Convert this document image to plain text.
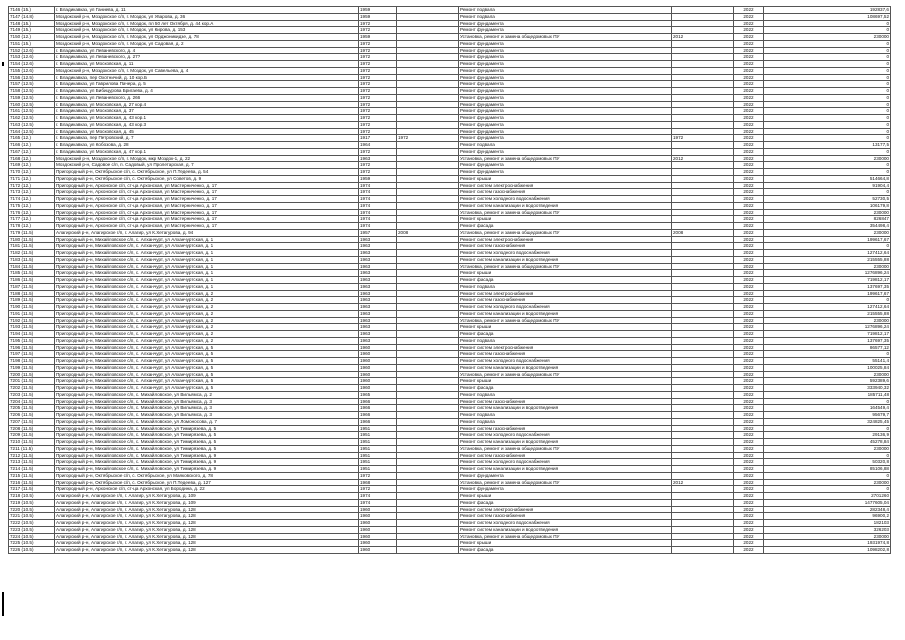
7146 (15.)	г. Владикавказ, ул Ганиева, д. 11	1959		Ремонт подвала		2022	192837,6
7147 (14.8)	Моздокский р-н, Моздокское с/п, г. Моздок, ул Уварова, д. 36	1959		Ремонт подвала		2022	108697,52
7148 (15.)	Моздокский р-н, Моздокское с/п, г. Моздок, пл 50 лет Октября, д. 44 кор.А	1972		Ремонт фундамента		2022	0
7149 (15.)	Моздокский р-н, Моздокское с/п, г. Моздок, ул Кирова, д. 153	1972		Ремонт фундамента		2022	0
7150 (12.)	Моздокский р-н, Моздокское с/п, г. Моздок, ул Орджоникидзе, д. 78	1959		Установка, ремонт и замена общедомовых ПУ	2012	2022	230000
7151 (15.)	Моздокский р-н, Моздокское с/п, г. Моздок, ул Садовая, д. 2	1972		Ремонт фундамента		2022	0
7152 (12.6)	г. Владикавказ, ул Леваневского, д. 4	1972		Ремонт фундамента		2022	0
7153 (12.6)	г. Владикавказ, ул Леваневского, д. 27?	1972		Ремонт фундамента		2022	0
7154 (12.6)	г. Владикавказ, ул Московская, д. 11	1972		Ремонт фундамента		2022	0
7155 (12.6)	Моздокский р-н, Моздокское с/п, г. Моздок, ул Савельева, д. 4	1972		Ремонт фундамента		2022	0
7156 (12.5)	г. Владикавказ, пер Охотничий, д. 10 кор.Б	1972		Ремонт фундамента		2022	0
7157 (12.5)	г. Владикавказ, ул Гаврилова Пачера, д. 5	1972		Ремонт фундамента		2022	0
7158 (12.5)	г. Владикавказ, ул Бибицурова Бригаева, д. 4	1972		Ремонт фундамента		2022	0
7159 (12.5)	г. Владикавказ, ул Леваневского, д. 266	1972		Ремонт фундамента		2022	0
7160 (12.5)	г. Владикавказ, ул Московская, д. 27 кор.4	1972		Ремонт фундамента		2022	0
7161 (12.5)	г. Владикавказ, ул Московская, д. 37	1972		Ремонт фундамента		2022	0
7162 (12.5)	г. Владикавказ, ул Московская, д. 43 кор.1	1972		Ремонт фундамента		2022	0
7163 (12.5)	г. Владикавказ, ул Московская, д. 43 кор.3	1972		Ремонт фундамента		2022	0
7164 (12.5)	г. Владикавказ, ул Московская, д. 45	1972		Ремонт фундамента		2022	0
7165 (12.)	г. Владикавказ, пер Петровский, д. 7	1917	1972	Ремонт фундамента	1972	2022	0
7166 (12.)	г. Владикавказ, ул Кобозова, д. 28	1964		Ремонт подвала		2022	13177,5
7167 (12.)	г. Владикавказ, ул Московская, д. 47 кор.1	1972		Ремонт фундамента		2022	0
7168 (12.)	Моздокский р-н, Моздокское с/п, г. Моздок, мкр Моздок-1, д. 22	1963		Установка, ремонт и замена общедомовых ПУ	2012	2022	230000
7169 (12.)	Моздокский р-н, Садовое с/п, п. Садовый, ул Пролетарская, д. 7	1972		Ремонт фундамента		2022	0
7170 (12.)	Пригородный р-н, Октябрьское с/п, с. Октябрьское, ул П.Тедеева, д. 54	1972		Ремонт фундамента		2022	0
7171 (12.)	Пригородный р-н, Октябрьское с/п, с. Октябрьское, ул Советов, д. 9	1959		Ремонт крыши		2022	514664,8
7172 (12.)	Пригородный р-н, Архонское с/п, ст-ца Архонская, ул Мастерниченко, д. 17	1974		Ремонт систем электроснабжения		2022	91904,4
7173 (12.)	Пригородный р-н, Архонское с/п, ст-ца Архонская, ул Мастерниченко, д. 17	1974		Ремонт систем газоснабжения		2022	0
7174 (12.)	Пригородный р-н, Архонское с/п, ст-ца Архонская, ул Мастерниченко, д. 17	1974		Ремонт систем холодного водоснабжения		2022	52730,5
7175 (12.)	Пригородный р-н, Архонское с/п, ст-ца Архонская, ул Мастерниченко, д. 17	1974		Ремонт систем канализации и водоотведения		2022	106179,8
7176 (12.)	Пригородный р-н, Архонское с/п, ст-ца Архонская, ул Мастерниченко, д. 17	1974		Установка, ремонт и замена общедомовых ПУ		2022	230000
7177 (12.)	Пригородный р-н, Архонское с/п, ст-ца Архонская, ул Мастерниченко, д. 17	1974		Ремонт крыши		2022	826847
7178 (12.)	Пригородный р-н, Архонское с/п, ст-ца Архонская, ул Мастерниченко, д. 17	1974		Ремонт фасада		2022	354498,4
7179 (11.5)	Алагирский р-н, Алагирское г/п, г. Алагир, ул К.Хетагурова, д. 94	1957	2008	Установка, ремонт и замена общедомовых ПУ	2008	2022	230000
7180 (11.5)	Пригородный р-н, Михайловское с/п, с. Алханчурт, ул Алханчуртская, д. 1	1963		Ремонт систем электроснабжения		2022	199617,67
7181 (11.5)	Пригородный р-н, Михайловское с/п, с. Алханчурт, ул Алханчуртская, д. 1	1963		Ремонт систем газоснабжения		2022	0
7182 (11.5)	Пригородный р-н, Михайловское с/п, с. Алханчурт, ул Алханчуртская, д. 1	1963		Ремонт систем холодного водоснабжения		2022	127412,64
7183 (11.5)	Пригородный р-н, Михайловское с/п, с. Алханчурт, ул Алханчуртская, д. 1	1963		Ремонт систем канализации и водоотведения		2022	215555,88
7184 (11.5)	Пригородный р-н, Михайловское с/п, с. Алханчурт, ул Алханчуртская, д. 1	1963		Установка, ремонт и замена общедомовых ПУ		2022	230000
7185 (11.5)	Пригородный р-н, Михайловское с/п, с. Алханчурт, ул Алханчуртская, д. 1	1963		Ремонт крыши		2022	1276896,24
7186 (11.5)	Пригородный р-н, Михайловское с/п, с. Алханчурт, ул Алханчуртская, д. 1	1963		Ремонт фасада		2022	719812,17
7187 (11.5)	Пригородный р-н, Михайловское с/п, с. Алханчурт, ул Алханчуртская, д. 1	1963		Ремонт подвала		2022	137697,35
7188 (11.5)	Пригородный р-н, Михайловское с/п, с. Алханчурт, ул Алханчуртская, д. 2	1963		Ремонт систем электроснабжения		2022	199617,67
7189 (11.5)	Пригородный р-н, Михайловское с/п, с. Алханчурт, ул Алханчуртская, д. 2	1963		Ремонт систем газоснабжения		2022	0
7190 (11.5)	Пригородный р-н, Михайловское с/п, с. Алханчурт, ул Алханчуртская, д. 2	1963		Ремонт систем холодного водоснабжения		2022	127412,64
7191 (11.5)	Пригородный р-н, Михайловское с/п, с. Алханчурт, ул Алханчуртская, д. 2	1963		Ремонт систем канализации и водоотведения		2022	215555,88
7192 (11.5)	Пригородный р-н, Михайловское с/п, с. Алханчурт, ул Алханчуртская, д. 2	1963		Установка, ремонт и замена общедомовых ПУ		2022	230000
7193 (11.5)	Пригородный р-н, Михайловское с/п, с. Алханчурт, ул Алханчуртская, д. 2	1963		Ремонт крыши		2022	1276896,24
7194 (11.5)	Пригородный р-н, Михайловское с/п, с. Алханчурт, ул Алханчуртская, д. 2	1963		Ремонт фасада		2022	719812,17
7195 (11.5)	Пригородный р-н, Михайловское с/п, с. Алханчурт, ул Алханчуртская, д. 2	1963		Ремонт подвала		2022	137697,35
7196 (11.5)	Пригородный р-н, Михайловское с/п, с. Алханчурт, ул Алханчуртская, д. 5	1960		Ремонт систем электроснабжения		2022	86577,12
7197 (11.5)	Пригородный р-н, Михайловское с/п, с. Алханчурт, ул Алханчуртская, д. 5	1960		Ремонт систем газоснабжения		2022	0
7198 (11.5)	Пригородный р-н, Михайловское с/п, с. Алханчурт, ул Алханчуртская, д. 5	1960		Ремонт систем холодного водоснабжения		2022	55141,4
7199 (11.5)	Пригородный р-н, Михайловское с/п, с. Алханчурт, ул Алханчуртская, д. 5	1960		Ремонт систем канализации и водоотведения		2022	100025,84
7200 (11.5)	Пригородный р-н, Михайловское с/п, с. Алханчурт, ул Алханчуртская, д. 5	1960		Установка, ремонт и замена общедомовых ПУ		2022	230000
7201 (11.5)	Пригородный р-н, Михайловское с/п, с. Алханчурт, ул Алханчуртская, д. 5	1960		Ремонт крыши		2022	592389,6
7202 (11.5)	Пригородный р-н, Михайловское с/п, с. Алханчурт, ул Алханчуртская, д. 5	1960		Ремонт фасада		2022	333940,32
7203 (11.5)	Пригородный р-н, Михайловское с/п, с. Михайловское, ул Вильямса, д. 2	1965		Ремонт подвала		2022	185711,48
7204 (11.5)	Пригородный р-н, Михайловское с/п, с. Михайловское, ул Вильямса, д. 3	1966		Ремонт систем газоснабжения		2022	0
7205 (11.5)	Пригородный р-н, Михайловское с/п, с. Михайловское, ул Вильямса, д. 3	1966		Ремонт систем канализации и водоотведения		2022	164549,4
7206 (11.5)	Пригородный р-н, Михайловское с/п, с. Михайловское, ул Вильямса, д. 3	1966		Ремонт подвала		2022	95679,7
7207 (11.5)	Пригородный р-н, Михайловское с/п, с. Михайловское, ул Ломоносова, д. 7	1966		Ремонт подвала		2022	324825,45
7208 (11.5)	Пригородный р-н, Михайловское с/п, с. Михайловское, ул Тимирязева, д. 5	1951		Ремонт систем газоснабжения		2022	0
7209 (11.5)	Пригородный р-н, Михайловское с/п, с. Михайловское, ул Тимирязева, д. 5	1951		Ремонт систем холодного водоснабжения		2022	29136,9
7210 (11.5)	Пригородный р-н, Михайловское с/п, с. Михайловское, ул Тимирязева, д. 5	1951		Ремонт систем канализации и водоотведения		2022	45278,84
7211 (11.5)	Пригородный р-н, Михайловское с/п, с. Михайловское, ул Тимирязева, д. 5	1951		Установка, ремонт и замена общедомовых ПУ		2022	230000
7212 (11.5)	Пригородный р-н, Михайловское с/п, с. Михайловское, ул Тимирязева, д. 9	1951		Ремонт систем газоснабжения		2022	0
7213 (11.5)	Пригородный р-н, Михайловское с/п, с. Михайловское, ул Тимирязева, д. 9	1951		Ремонт систем холодного водоснабжения		2022	50320,8
7214 (11.5)	Пригородный р-н, Михайловское с/п, с. Михайловское, ул Тимирязева, д. 9	1951		Ремонт систем канализации и водоотведения		2022	85106,88
7215 (11.5)	Пригородный р-н, Октябрьское с/п, с. Октябрьское, ул Маяковского, д. 78	1972		Ремонт фундамента		2022	0
7216 (11.5)	Пригородный р-н, Октябрьское с/п, с. Октябрьское, ул П.Тедеева, д. 127	1968		Установка, ремонт и замена общедомовых ПУ	2012	2022	230000
7217 (11.5)	Пригородный р-н, Архонское с/п, ст-ца Архонская, ул Бородина, д. 22	1972		Ремонт фундамента		2022	0
7218 (10.5)	Алагирский р-н, Алагирское г/п, г. Алагир, ул К.Хетагурова, д. 109	1974		Ремонт крыши		2022	2701260
7219 (10.5)	Алагирский р-н, Алагирское г/п, г. Алагир, ул К.Хетагурова, д. 109	1974		Ремонт фасада		2022	1477605,04
7220 (10.5)	Алагирский р-н, Алагирское г/п, г. Алагир, ул К.Хетагурова, д. 128	1960		Ремонт систем электроснабжения		2022	282348,4
7221 (10.5)	Алагирский р-н, Алагирское г/п, г. Алагир, ул К.Хетагурова, д. 128	1960		Ремонт систем газоснабжения		2022	96900,2
7222 (10.5)	Алагирский р-н, Алагирское г/п, г. Алагир, ул К.Хетагурова, д. 128	1960		Ремонт систем холодного водоснабжения		2022	182103
7223 (10.5)	Алагирский р-н, Алагирское г/п, г. Алагир, ул К.Хетагурова, д. 128	1960		Ремонт систем канализации и водоотведения		2022	326203
7224 (10.5)	Алагирский р-н, Алагирское г/п, г. Алагир, ул К.Хетагурова, д. 128	1960		Установка, ремонт и замена общедомовых ПУ		2022	230000
7225 (10.5)	Алагирский р-н, Алагирское г/п, г. Алагир, ул К.Хетагурова, д. 128	1960		Ремонт крыши		2022	1931974,8
7226 (10.5)	Алагирский р-н, Алагирское г/п, г. Алагир, ул К.Хетагурова, д. 128	1960		Ремонт фасада		2022	1098202,8
